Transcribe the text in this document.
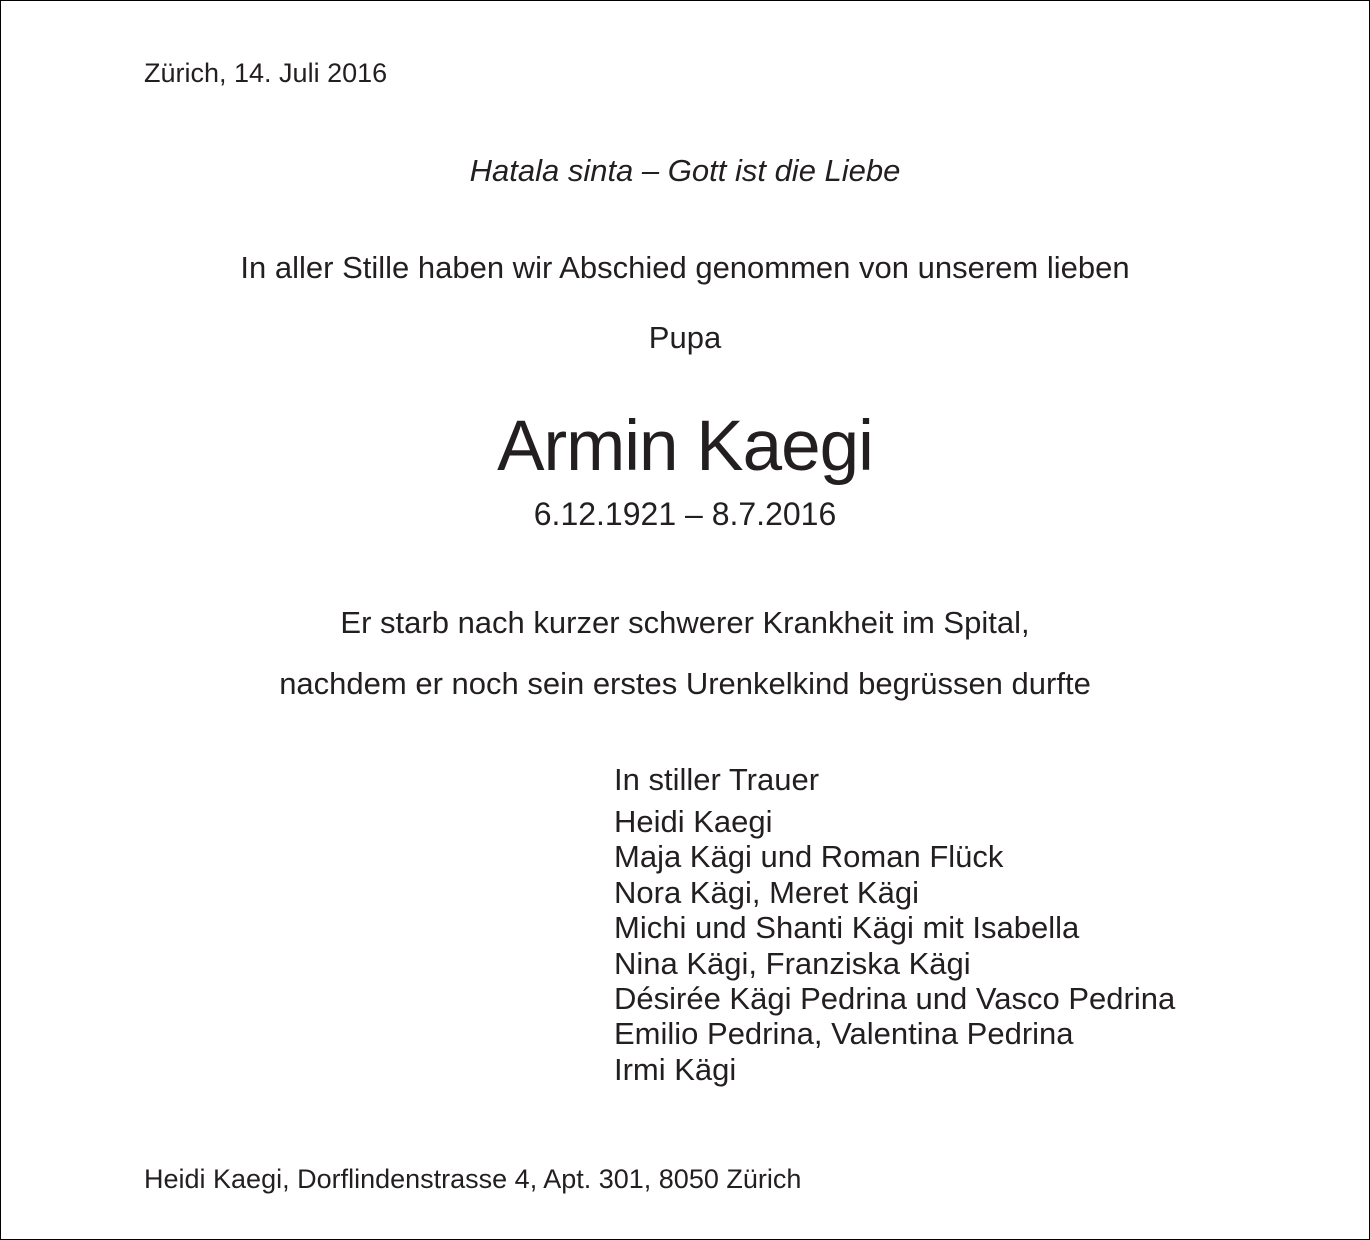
Zürich, 14. Juli 2016
Hatala sinta – Gott ist die Liebe
In aller Stille haben wir Abschied genommen von unserem lieben
Pupa
Armin Kaegi
6.12.1921 – 8.7.2016
Er starb nach kurzer schwerer Krankheit im Spital,
nachdem er noch sein erstes Urenkelkind begrüssen durfte
In stiller Trauer
Heidi Kaegi
Maja Kägi und Roman Flück
Nora Kägi, Meret Kägi
Michi und Shanti Kägi mit Isabella
Nina Kägi, Franziska Kägi
Désirée Kägi Pedrina und Vasco Pedrina
Emilio Pedrina, Valentina Pedrina
Irmi Kägi
Heidi Kaegi, Dorflindenstrasse 4, Apt. 301, 8050 Zürich
